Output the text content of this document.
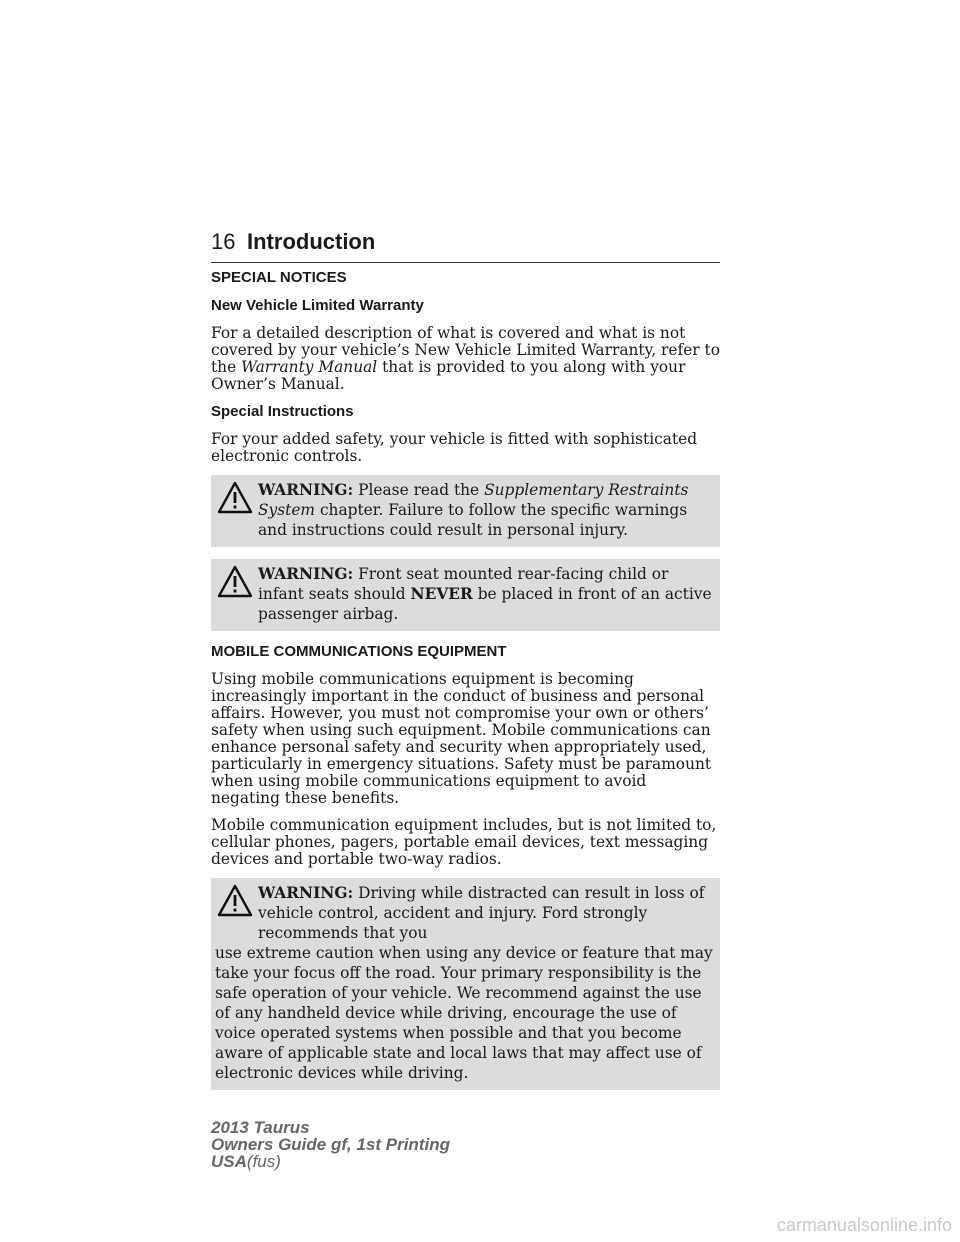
16 Introduction
SPECIAL NOTICES
New Vehicle Limited Warranty

For a detailed description of what is covered and what is not covered by your vehicle’s New Vehicle Limited Warranty, refer to the Warranty Manual that is provided to you along with your Owner’s Manual.

Special Instructions

For your added safety, your vehicle is fitted with sophisticated electronic controls.

WARNING: Please read the Supplementary Restraints System chapter. Failure to follow the specific warnings and instructions could result in personal injury.
WARNING: Front seat mounted rear-facing child or infant seats should NEVER be placed in front of an active passenger airbag.
MOBILE COMMUNICATIONS EQUIPMENT

Using mobile communications equipment is becoming increasingly important in the conduct of business and personal affairs. However, you must not compromise your own or others’ safety when using such equipment. Mobile communications can enhance personal safety and security when appropriately used, particularly in emergency situations. Safety must be paramount when using mobile communications equipment to avoid negating these benefits.

Mobile communication equipment includes, but is not limited to, cellular phones, pagers, portable email devices, text messaging devices and portable two-way radios.

WARNING: Driving while distracted can result in loss of vehicle control, accident and injury. Ford strongly recommends that you
use extreme caution when using any device or feature that may take your focus off the road. Your primary responsibility is the safe operation of your vehicle. We recommend against the use of any handheld device while driving, encourage the use of voice operated systems when possible and that you become aware of applicable state and local laws that may affect use of electronic devices while driving.
2013 Taurus
Owners Guide gf, 1st Printing
USA(fus)
carmanualsonline.info
